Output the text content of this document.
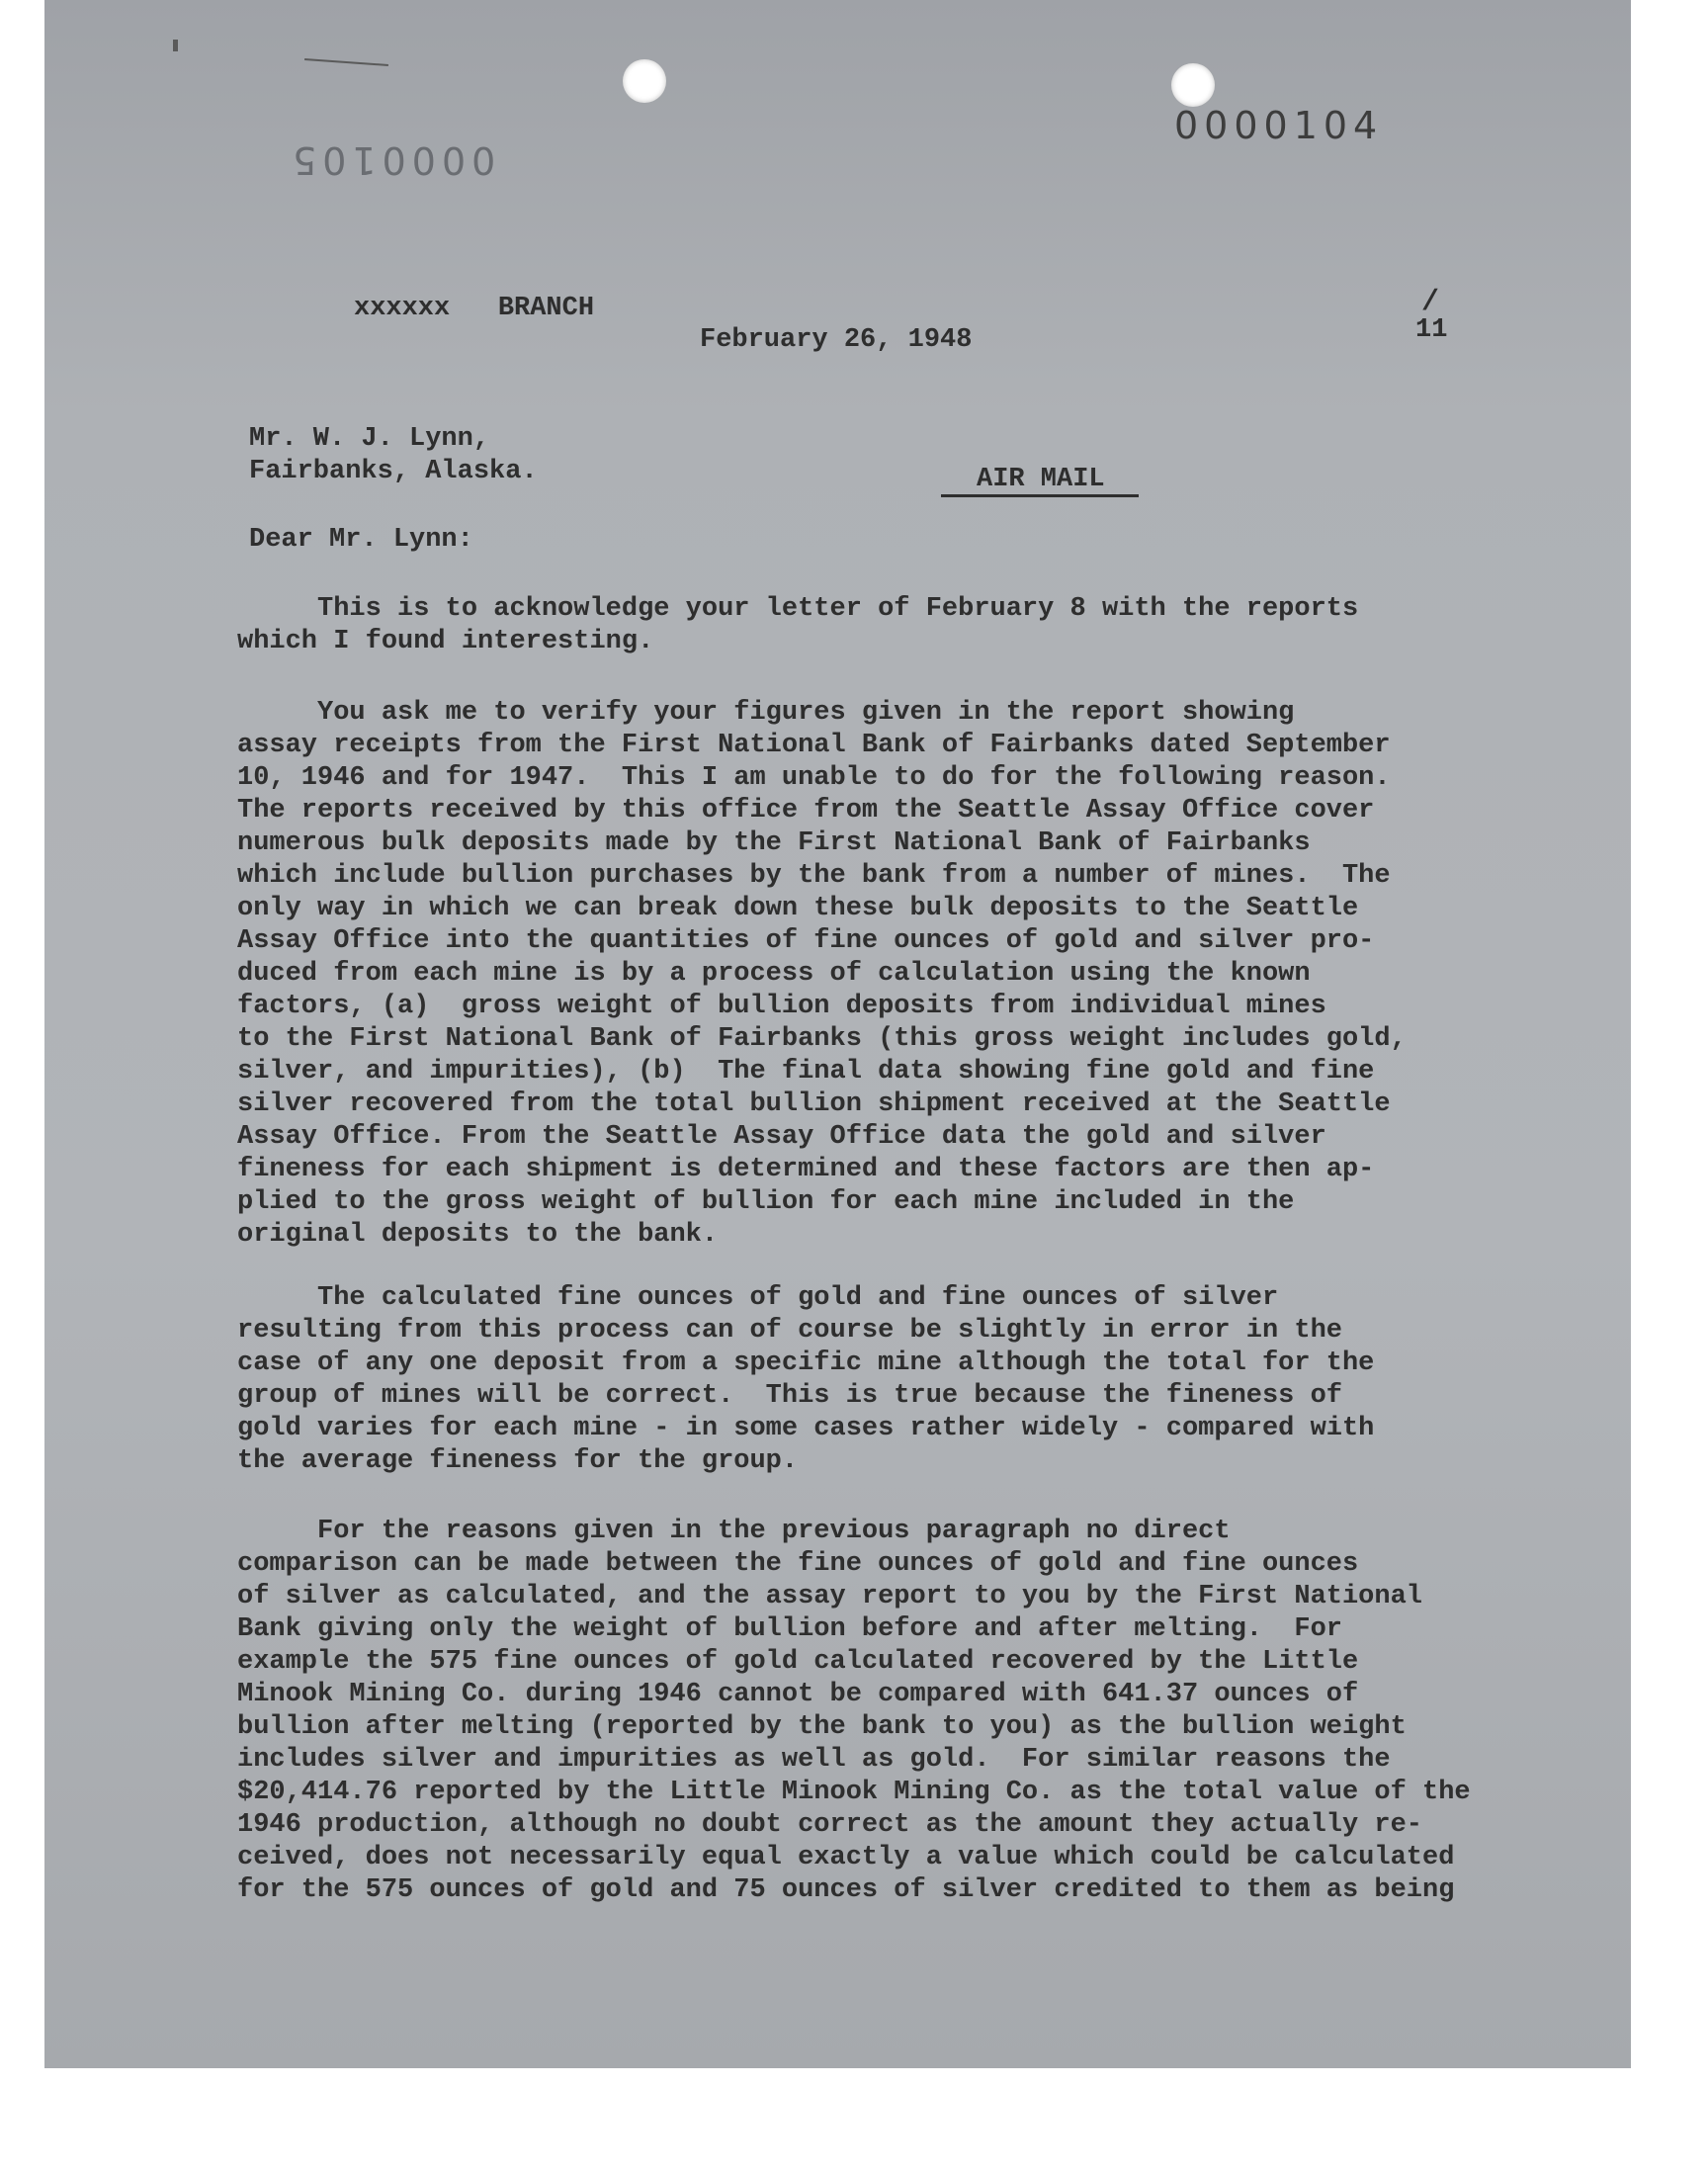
0000105
0000104
xxxxxx   BRANCH
February 26, 1948
/
11
Mr. W. J. Lynn,
Fairbanks, Alaska.	AIR MAIL
Dear Mr. Lynn:
This is to acknowledge your letter of February 8 with the reports
which I found interesting.
You ask me to verify your figures given in the report showing
assay receipts from the First National Bank of Fairbanks dated September
10, 1946 and for 1947.  This I am unable to do for the following reason.
The reports received by this office from the Seattle Assay Office cover
numerous bulk deposits made by the First National Bank of Fairbanks
which include bullion purchases by the bank from a number of mines.  The
only way in which we can break down these bulk deposits to the Seattle
Assay Office into the quantities of fine ounces of gold and silver pro-
duced from each mine is by a process of calculation using the known
factors, (a)  gross weight of bullion deposits from individual mines
to the First National Bank of Fairbanks (this gross weight includes gold,
silver, and impurities), (b)  The final data showing fine gold and fine
silver recovered from the total bullion shipment received at the Seattle
Assay Office. From the Seattle Assay Office data the gold and silver
fineness for each shipment is determined and these factors are then ap-
plied to the gross weight of bullion for each mine included in the
original deposits to the bank.
The calculated fine ounces of gold and fine ounces of silver
resulting from this process can of course be slightly in error in the
case of any one deposit from a specific mine although the total for the
group of mines will be correct.  This is true because the fineness of
gold varies for each mine - in some cases rather widely - compared with
the average fineness for the group.
For the reasons given in the previous paragraph no direct
comparison can be made between the fine ounces of gold and fine ounces
of silver as calculated, and the assay report to you by the First National
Bank giving only the weight of bullion before and after melting.  For
example the 575 fine ounces of gold calculated recovered by the Little
Minook Mining Co. during 1946 cannot be compared with 641.37 ounces of
bullion after melting (reported by the bank to you) as the bullion weight
includes silver and impurities as well as gold.  For similar reasons the
$20,414.76 reported by the Little Minook Mining Co. as the total value of the
1946 production, although no doubt correct as the amount they actually re-
ceived, does not necessarily equal exactly a value which could be calculated
for the 575 ounces of gold and 75 ounces of silver credited to them as being
